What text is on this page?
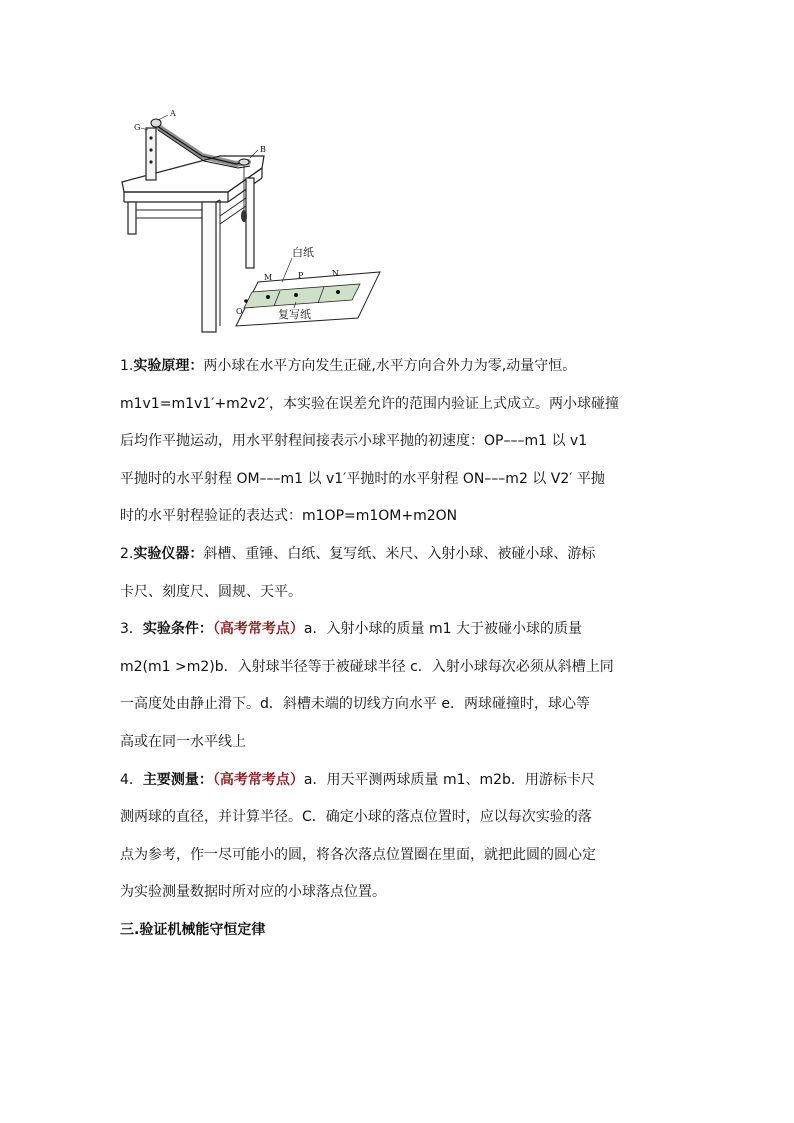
A
G
B
M	P	N
O
白纸
复写纸
1.实验原理：两小球在水平方向发生正碰,水平方向合外力为零,动量守恒。
m1v1=m1v1′+m2v2′，本实验在误差允许的范围内验证上式成立。两小球碰撞
后均作平抛运动，用水平射程间接表示小球平抛的初速度：OP–––m1 以 v1
平抛时的水平射程 OM–––m1 以 v1′平抛时的水平射程 ON–––m2 以 V2′ 平抛
时的水平射程验证的表达式：m1OP=m1OM+m2ON
2.实验仪器：斜槽、重锤、白纸、复写纸、米尺、入射小球、被碰小球、游标
卡尺、刻度尺、圆规、天平。
3．实验条件：（高考常考点）a．入射小球的质量 m1 大于被碰小球的质量
m2(m1 >m2)b．入射球半径等于被碰球半径 c．入射小球每次必须从斜槽上同
一高度处由静止滑下。d．斜槽未端的切线方向水平 e．两球碰撞时，球心等
高或在同一水平线上
4．主要测量：（高考常考点）a．用天平测两球质量 m1、m2b．用游标卡尺
测两球的直径，并计算半径。C．确定小球的落点位置时，应以每次实验的落
点为参考，作一尽可能小的圆，将各次落点位置圈在里面，就把此圆的圆心定
为实验测量数据时所对应的小球落点位置。
三.验证机械能守恒定律
